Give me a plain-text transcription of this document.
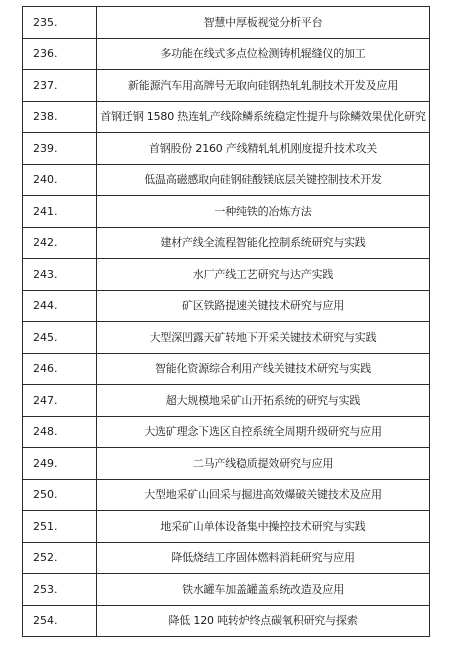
235.	智慧中厚板视觉分析平台
236.	多功能在线式多点位检测铸机辊缝仪的加工
237.	新能源汽车用高牌号无取向硅钢热轧轧制技术开发及应用
238.	首钢迁钢 1580 热连轧产线除鳞系统稳定性提升与除鳞效果优化研究
239.	首钢股份 2160 产线精轧轧机刚度提升技术攻关
240.	低温高磁感取向硅钢硅酸镁底层关键控制技术开发
241.	一种纯铁的冶炼方法
242.	建材产线全流程智能化控制系统研究与实践
243.	水厂产线工艺研究与达产实践
244.	矿区铁路提速关键技术研究与应用
245.	大型深凹露天矿转地下开采关键技术研究与实践
246.	智能化资源综合利用产线关键技术研究与实践
247.	超大规模地采矿山开拓系统的研究与实践
248.	大选矿理念下选区自控系统全周期升级研究与应用
249.	二马产线稳质提效研究与应用
250.	大型地采矿山回采与掘进高效爆破关键技术及应用
251.	地采矿山单体设备集中操控技术研究与实践
252.	降低烧结工序固体燃料消耗研究与应用
253.	铁水罐车加盖罐盖系统改造及应用
254.	降低 120 吨转炉终点碳氧积研究与探索
